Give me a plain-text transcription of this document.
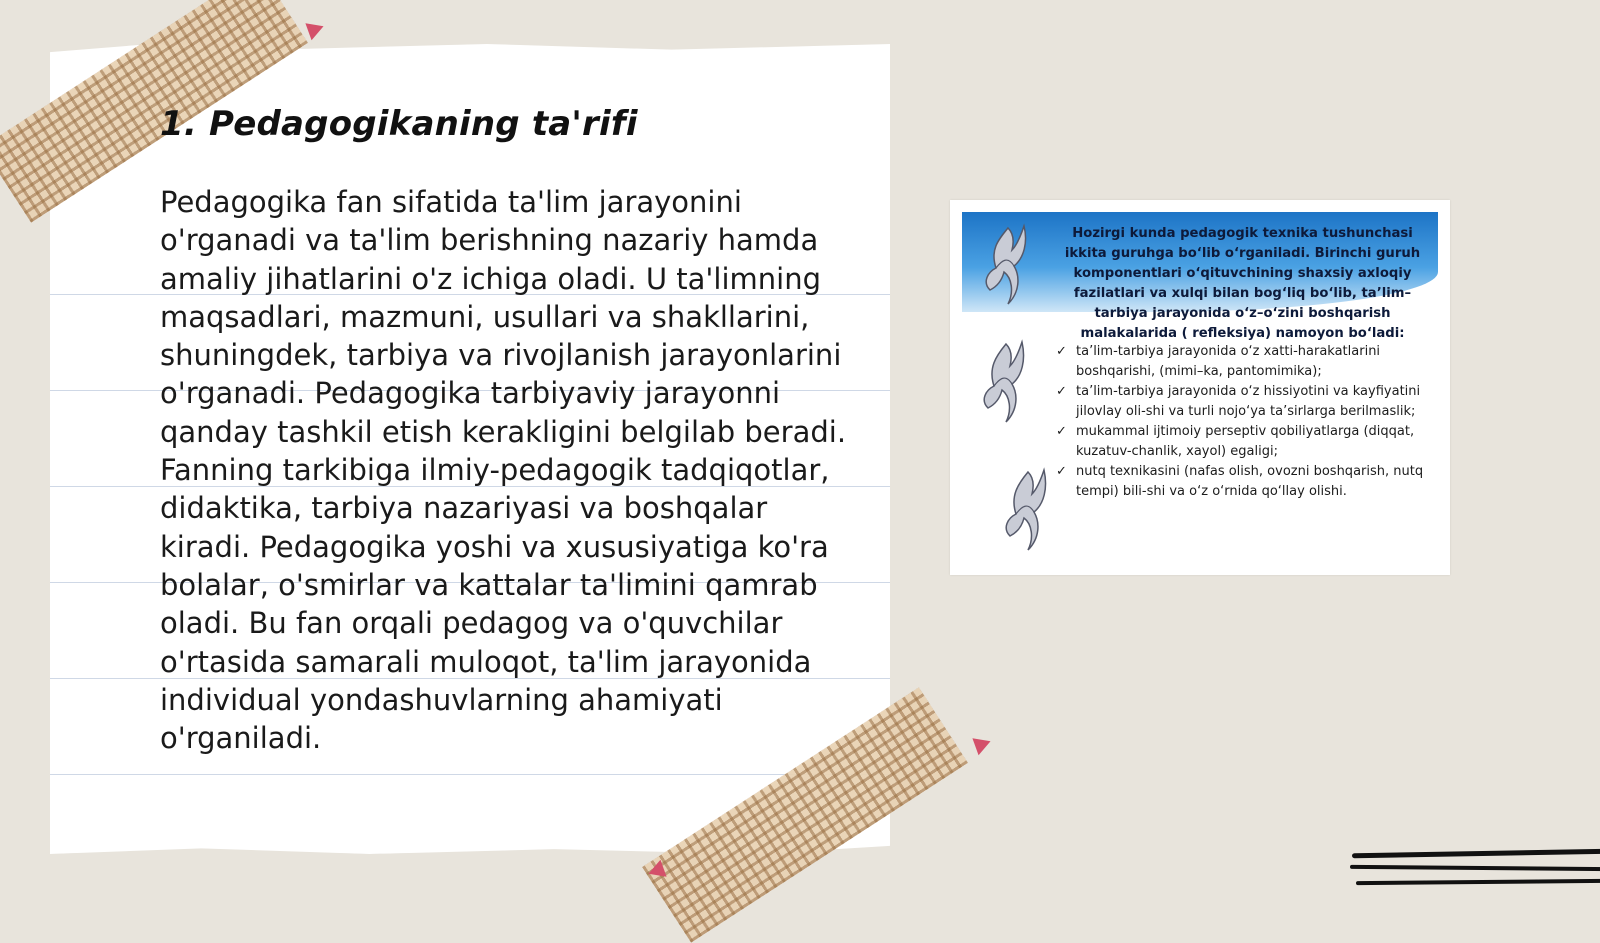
1. Pedagogikaning ta'rifi

Pedagogika fan sifatida ta'lim jarayonini o'rganadi va ta'lim berishning nazariy hamda amaliy jihatlarini o'z ichiga oladi. U ta'limning maqsadlari, mazmuni, usullari va shakllarini, shuningdek, tarbiya va rivojlanish jarayonlarini o'rganadi. Pedagogika tarbiyaviy jarayonni qanday tashkil etish kerakligini belgilab beradi. Fanning tarkibiga ilmiy-pedagogik tadqiqotlar, didaktika, tarbiya nazariyasi va boshqalar kiradi. Pedagogika yoshi va xususiyatiga ko'ra bolalar, o'smirlar va kattalar ta'limini qamrab oladi. Bu fan orqali pedagog va o'quvchilar o'rtasida samarali muloqot, ta'lim jarayonida individual yondashuvlarning ahamiyati o'rganiladi.

Hozirgi kunda pedagogik texnika tushunchasi ikkita guruhga bo‘lib o‘rganiladi. Birinchi guruh komponentlari o‘qituvchining shaxsiy axloqiy fazilatlari va xulqi bilan bog‘liq bo‘lib, ta’lim–tarbiya jarayonida o‘z–o‘zini boshqarish malakalarida ( refleksiya) namoyon bo‘ladi:

✓ ta’lim-tarbiya jarayonida o‘z xatti-harakatlarini boshqarishi, (mimi–ka, pantomimika);
✓ ta’lim-tarbiya jarayonida o‘z hissiyotini va kayfiyatini jilovlay oli-shi va turli nojo‘ya ta’sirlarga berilmaslik;
✓ mukammal ijtimoiy perseptiv qobiliyatlarga (diqqat, kuzatuv-chanlik, xayol) egaligi;
✓ nutq texnikasini (nafas olish, ovozni boshqarish, nutq tempi) bili-shi va o‘z o‘rnida qo‘llay olishi.
